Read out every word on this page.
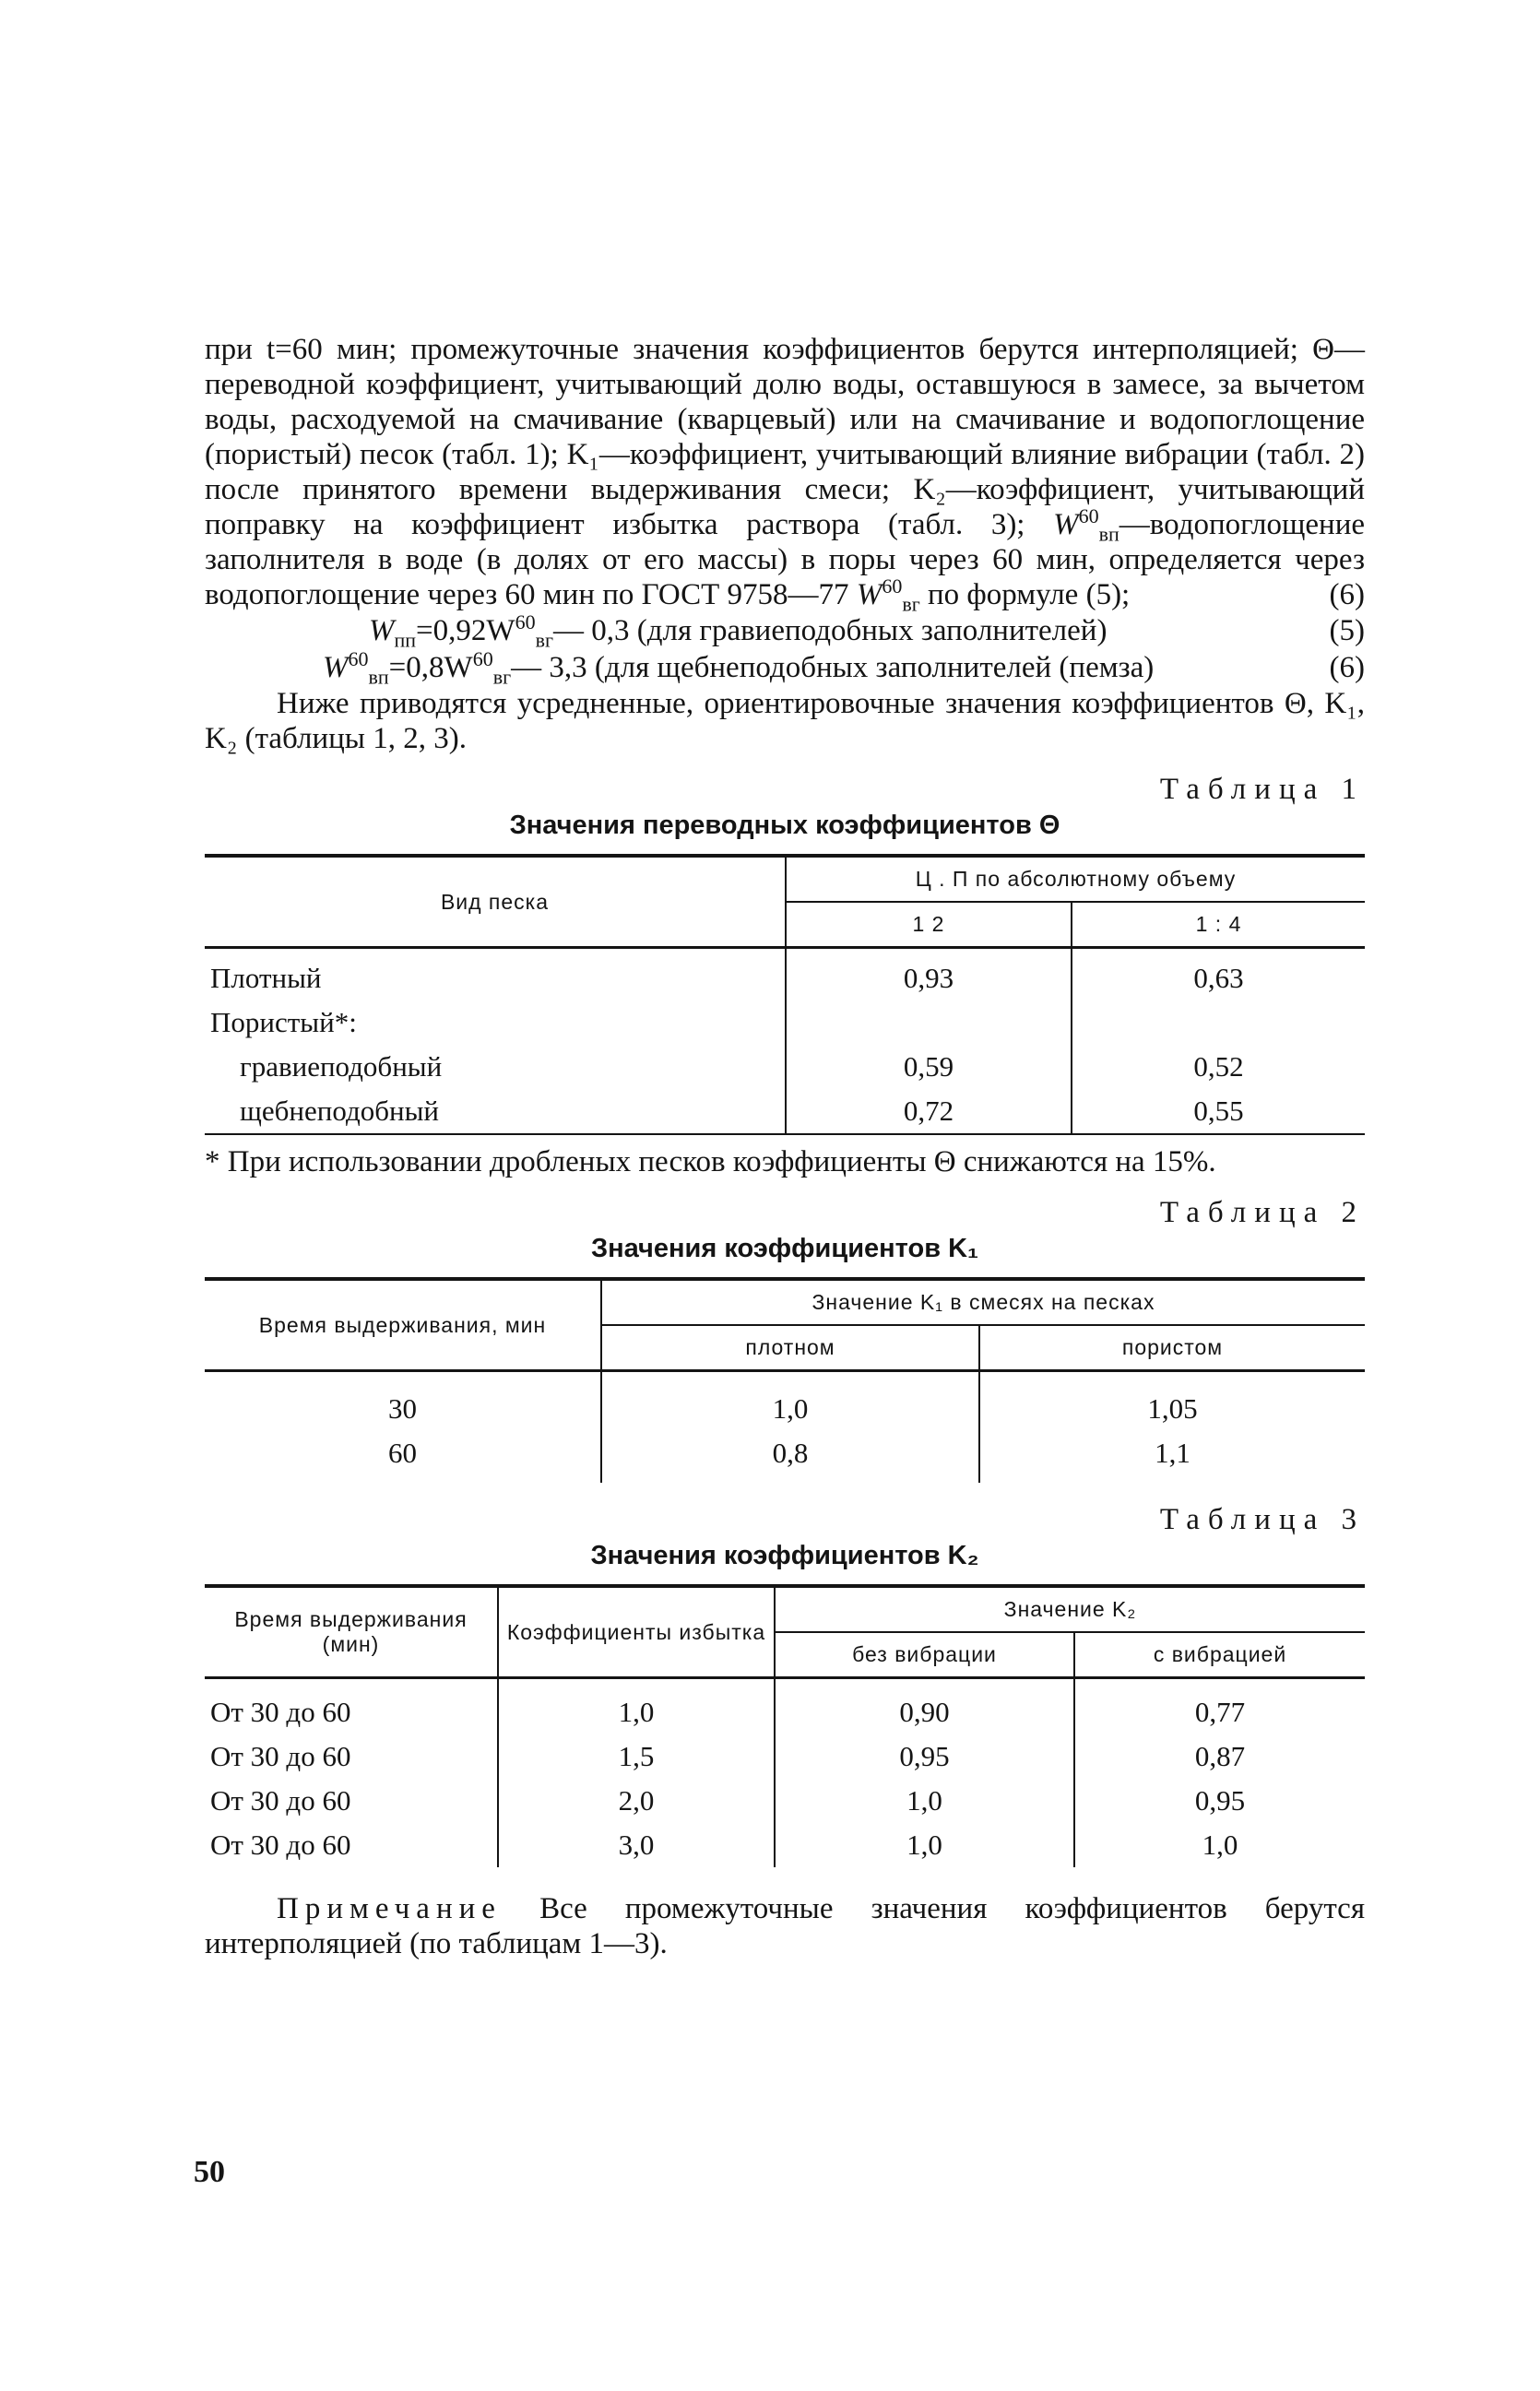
при t=60 мин; промежуточные значения коэффициентов берутся интерполяцией; Θ—переводной коэффициент, учитывающий долю воды, оставшуюся в замесе, за вычетом воды, расходуемой на смачивание (кварцевый) или на смачивание и водопоглощение (пористый) песок (табл. 1); K₁—коэффициент, учитывающий влияние вибрации (табл. 2) после принятого времени выдерживания смеси; K₂—коэффициент, учитывающий поправку на коэффициент избытка раствора (табл. 3); $W^{60}_{вп}—водопоглощение$ заполнителя в воде (в долях от его массы) в поры через 60 мин, определяется через водопоглощение через 60 мин по ГОСТ 9758—77 $W^{60}_{вг}$ по формуле (5);	(6)

$W_{пп}=0,92W^{60}_{вг}—$ 0,3 (для гравиеподобных заполнителей)	(5)
$W^{60}_{вп}=0,8W^{60}_{вг}—$ 3,3 (для щебнеподобных заполнителей (пемза)	(6)

Ниже приводятся усредненные, ориентировочные значения коэффициентов Θ, K₁, K₂ (таблицы 1, 2, 3).

Таблица 1
Значения переводных коэффициентов Θ
Вид песка	Ц . П по абсолютному объему	
	1 2	1 : 4
Плотный	0,93	0,63
Пористый*:		
гравиеподобный	0,59	0,52
щебнеподобный	0,72	0,55

* При использовании дробленых песков коэффициенты Θ снижаются на 15%.

Таблица 2
Значения коэффициентов K₁
Время выдерживания, мин	Значение K₁ в смесях на песках	
	плотном	пористом
30	1,0	1,05
60	0,8	1,1
Таблица 3
Значения коэффициентов K₂
Время выдерживания (мин)	Коэффициенты избытка	Значение K₂	
		без вибрации	с вибрацией
От 30 до 60	1,0	0,90	0,77
От 30 до 60	1,5	0,95	0,87
От 30 до 60	2,0	1,0	0,95
От 30 до 60	3,0	1,0	1,0

Примечание Все промежуточные значения коэффициентов берутся интерполяцией (по таблицам 1—3).

50
